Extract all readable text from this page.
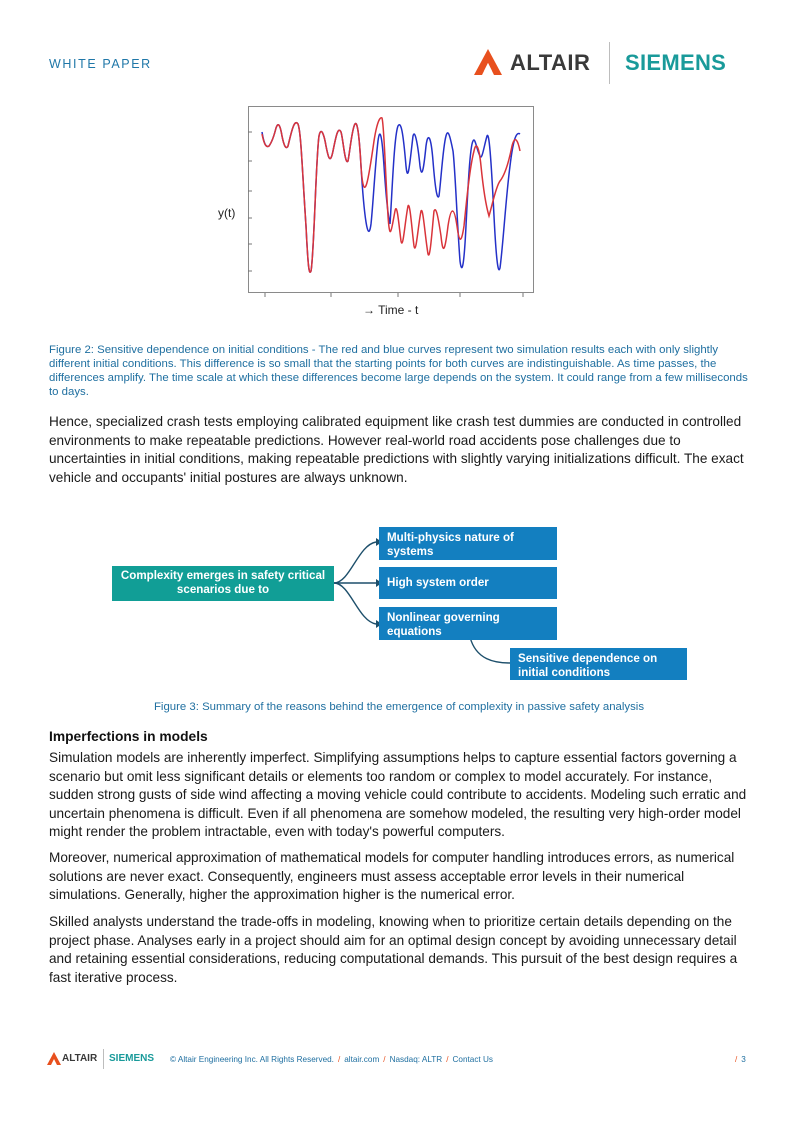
WHITE PAPER	ALTAIR SIEMENS
y(t)
→ Time - t
Figure 2: Sensitive dependence on initial conditions - The red and blue curves represent two simulation results each with only slightly different initial conditions. This difference is so small that the starting points for both curves are indistinguishable. As time passes, the differences amplify. The time scale at which these differences become large depends on the system. It could range from a few milliseconds to days.
Hence, specialized crash tests employing calibrated equipment like crash test dummies are conducted in controlled environments to make repeatable predictions. However real-world road accidents pose challenges due to uncertainties in initial conditions, making repeatable predictions with slightly varying initializations difficult. The exact vehicle and occupants' initial postures are always unknown.
Complexity emerges in safety critical scenarios due to
Multi-physics nature of systems
High system order
Nonlinear governing equations
Sensitive dependence on initial conditions
Figure 3: Summary of the reasons behind the emergence of complexity in passive safety analysis
Imperfections in models
Simulation models are inherently imperfect. Simplifying assumptions helps to capture essential factors governing a scenario but omit less significant details or elements too random or complex to model accurately. For instance, sudden strong gusts of side wind affecting a moving vehicle could contribute to accidents. Modeling such erratic and uncertain phenomena is difficult. Even if all phenomena are somehow modeled, the resulting very high-order model might render the problem intractable, even with today's powerful computers.
Moreover, numerical approximation of mathematical models for computer handling introduces errors, as numerical solutions are never exact. Consequently, engineers must assess acceptable error levels in their numerical simulations. Generally, higher the approximation higher is the numerical error.
Skilled analysts understand the trade-offs in modeling, knowing when to prioritize certain details depending on the project phase. Analyses early in a project should aim for an optimal design concept by avoiding unnecessary detail and retaining essential considerations, reducing computational demands. This pursuit of the best design requires a fast iterative process.
ALTAIR SIEMENS © Altair Engineering Inc. All Rights Reserved. / altair.com / Nasdaq: ALTR / Contact Us	/ 3
